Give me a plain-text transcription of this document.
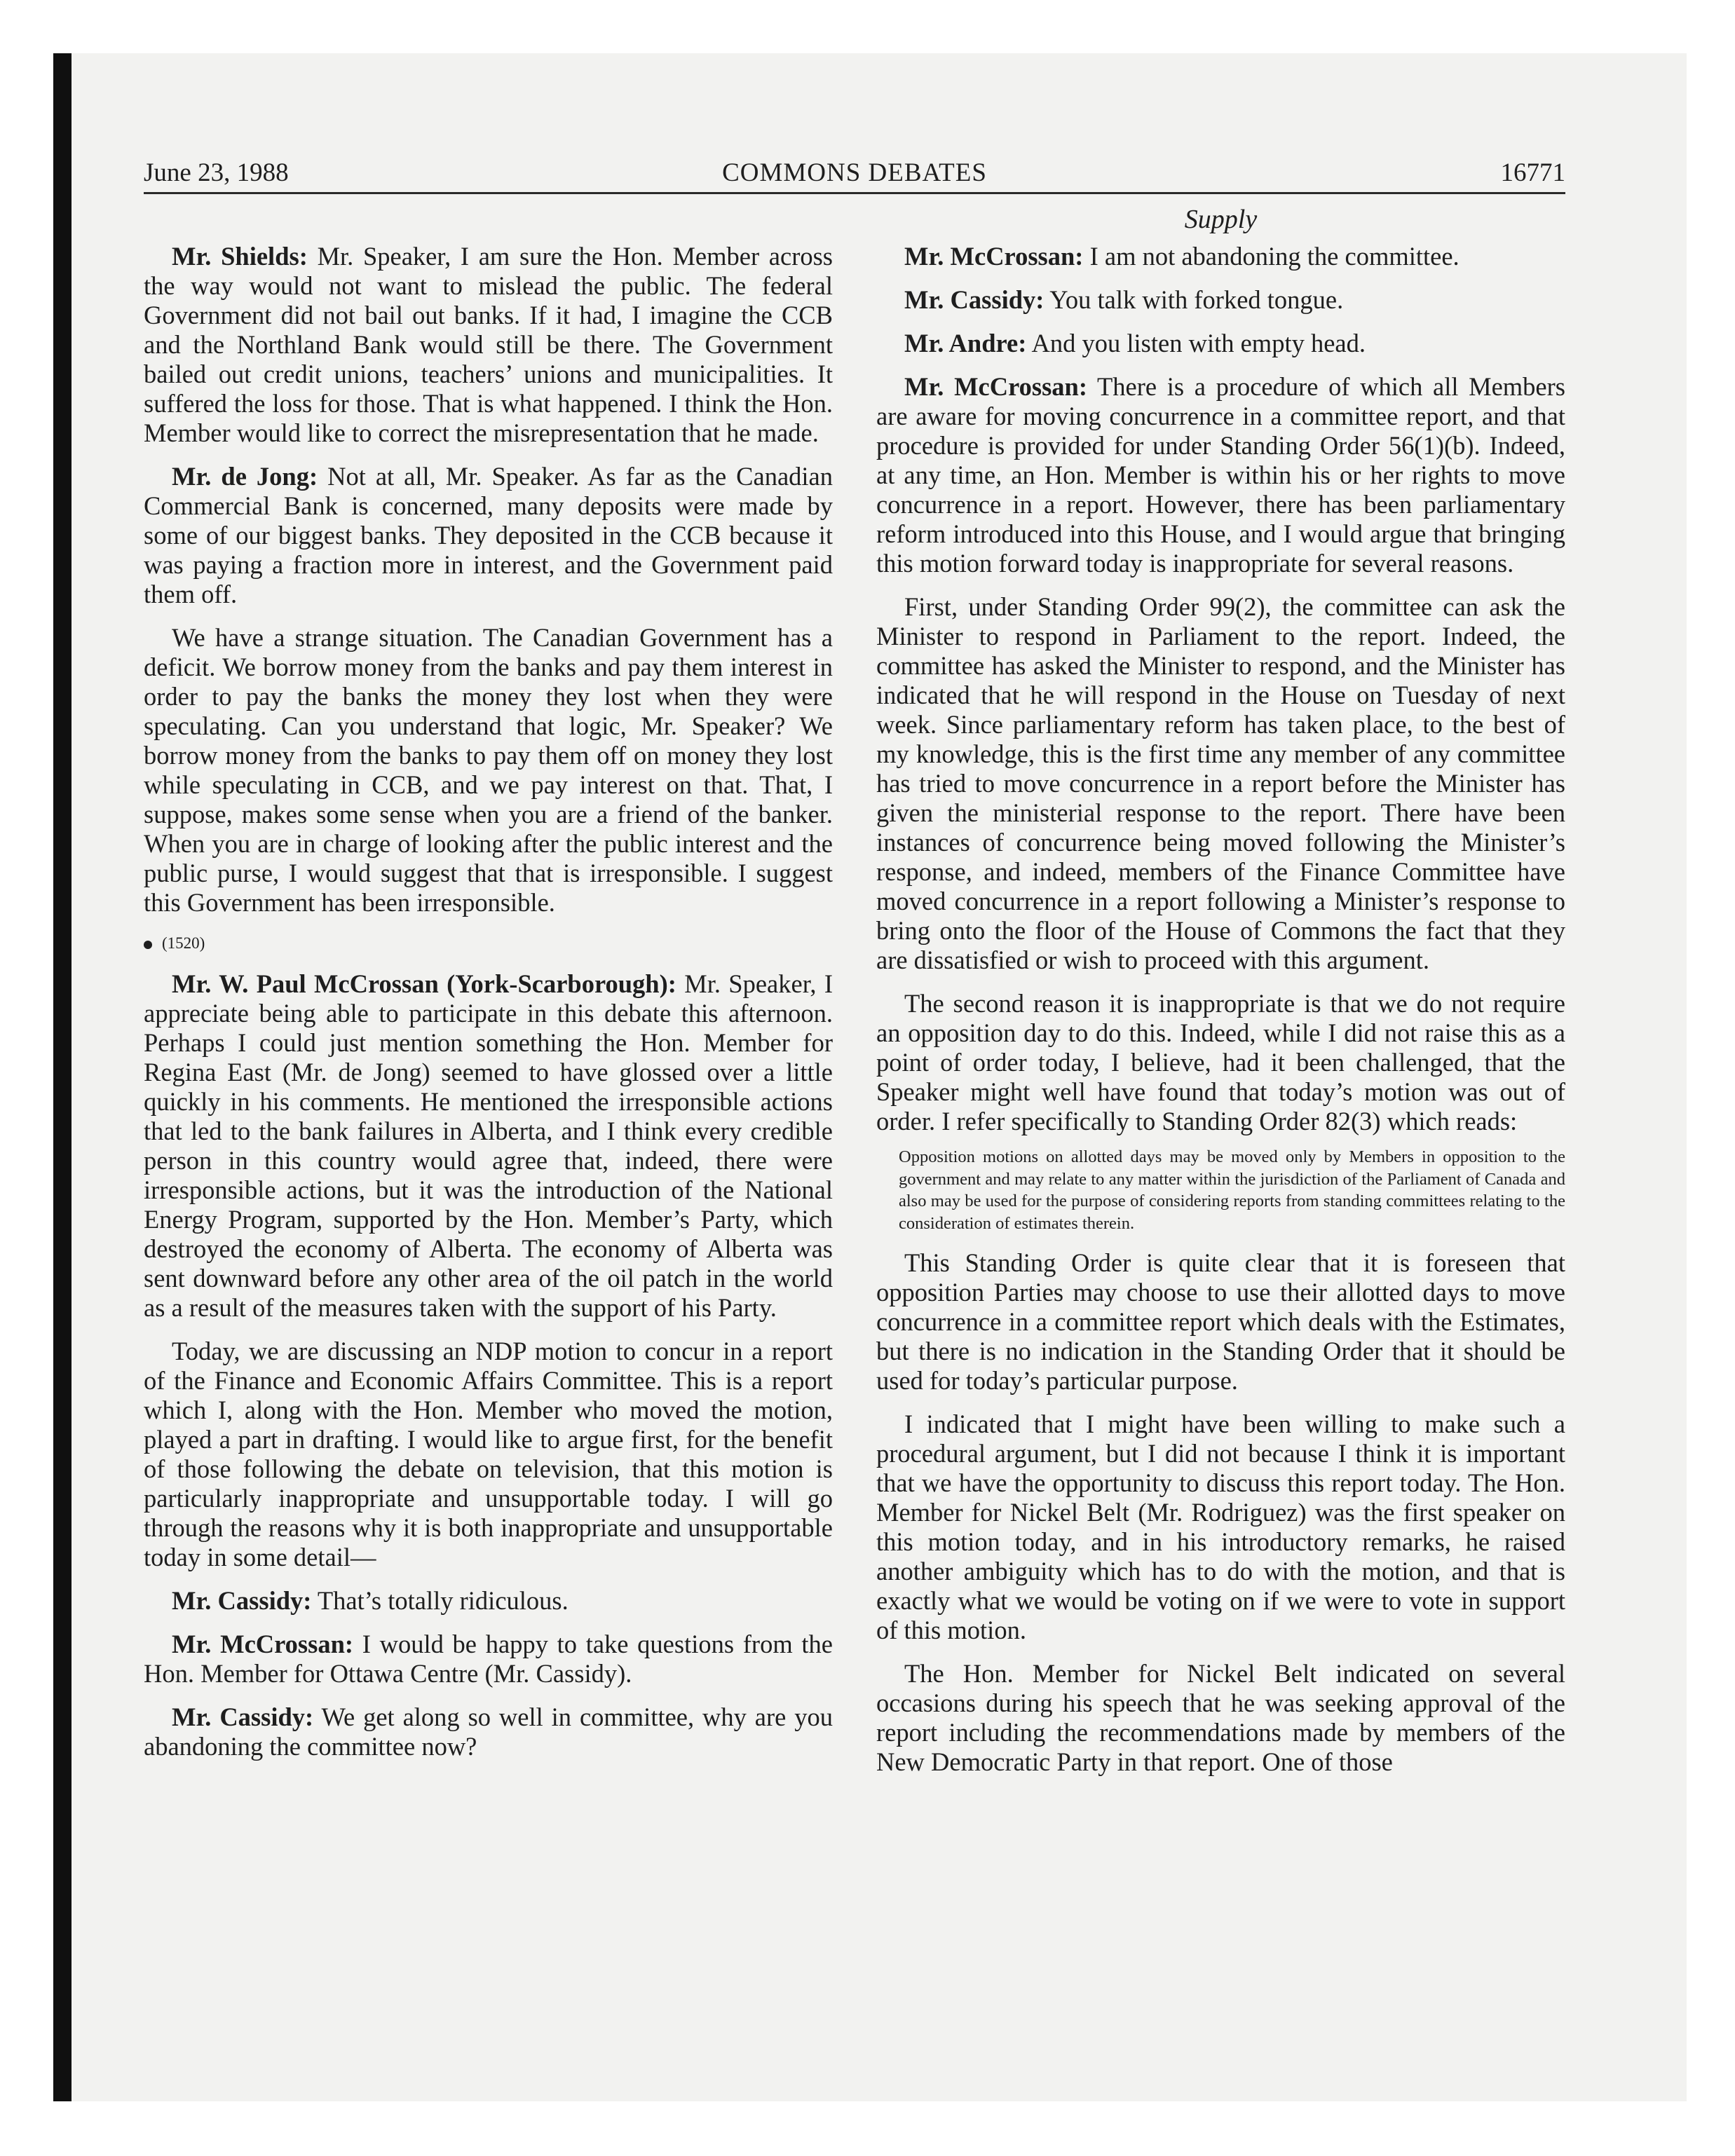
June 23, 1988	COMMONS DEBATES	16771
Supply

Mr. Shields: Mr. Speaker, I am sure the Hon. Member across the way would not want to mislead the public. The federal Government did not bail out banks. If it had, I imagine the CCB and the Northland Bank would still be there. The Government bailed out credit unions, teachers’ unions and municipalities. It suffered the loss for those. That is what happened. I think the Hon. Member would like to correct the misrepresentation that he made.

Mr. de Jong: Not at all, Mr. Speaker. As far as the Canadian Commercial Bank is concerned, many deposits were made by some of our biggest banks. They deposited in the CCB because it was paying a fraction more in interest, and the Government paid them off.

We have a strange situation. The Canadian Government has a deficit. We borrow money from the banks and pay them interest in order to pay the banks the money they lost when they were speculating. Can you understand that logic, Mr. Speaker? We borrow money from the banks to pay them off on money they lost while speculating in CCB, and we pay interest on that. That, I suppose, makes some sense when you are a friend of the banker. When you are in charge of looking after the public interest and the public purse, I would suggest that that is irresponsible. I suggest this Government has been irresponsible.

(1520)

Mr. W. Paul McCrossan (York-Scarborough): Mr. Speaker, I appreciate being able to participate in this debate this afternoon. Perhaps I could just mention something the Hon. Member for Regina East (Mr. de Jong) seemed to have glossed over a little quickly in his comments. He mentioned the irresponsible actions that led to the bank failures in Alberta, and I think every credible person in this country would agree that, indeed, there were irresponsible actions, but it was the introduction of the National Energy Program, supported by the Hon. Member’s Party, which destroyed the economy of Alberta. The economy of Alberta was sent downward before any other area of the oil patch in the world as a result of the measures taken with the support of his Party.

Today, we are discussing an NDP motion to concur in a report of the Finance and Economic Affairs Committee. This is a report which I, along with the Hon. Member who moved the motion, played a part in drafting. I would like to argue first, for the benefit of those following the debate on television, that this motion is particularly inappropriate and unsupportable today. I will go through the reasons why it is both inappropriate and unsupportable today in some detail—

Mr. Cassidy: That’s totally ridiculous.

Mr. McCrossan: I would be happy to take questions from the Hon. Member for Ottawa Centre (Mr. Cassidy).

Mr. Cassidy: We get along so well in committee, why are you abandoning the committee now?

Mr. McCrossan: I am not abandoning the committee.

Mr. Cassidy: You talk with forked tongue.

Mr. Andre: And you listen with empty head.

Mr. McCrossan: There is a procedure of which all Members are aware for moving concurrence in a committee report, and that procedure is provided for under Standing Order 56(1)(b). Indeed, at any time, an Hon. Member is within his or her rights to move concurrence in a report. However, there has been parliamentary reform introduced into this House, and I would argue that bringing this motion forward today is inappropriate for several reasons.

First, under Standing Order 99(2), the committee can ask the Minister to respond in Parliament to the report. Indeed, the committee has asked the Minister to respond, and the Minister has indicated that he will respond in the House on Tuesday of next week. Since parliamentary reform has taken place, to the best of my knowledge, this is the first time any member of any committee has tried to move concurrence in a report before the Minister has given the ministerial response to the report. There have been instances of concurrence being moved following the Minister’s response, and indeed, members of the Finance Committee have moved concurrence in a report following a Minister’s response to bring onto the floor of the House of Commons the fact that they are dissatisfied or wish to proceed with this argument.

The second reason it is inappropriate is that we do not require an opposition day to do this. Indeed, while I did not raise this as a point of order today, I believe, had it been challenged, that the Speaker might well have found that today’s motion was out of order. I refer specifically to Standing Order 82(3) which reads:

Opposition motions on allotted days may be moved only by Members in opposition to the government and may relate to any matter within the jurisdiction of the Parliament of Canada and also may be used for the purpose of considering reports from standing committees relating to the consideration of estimates therein.

This Standing Order is quite clear that it is foreseen that opposition Parties may choose to use their allotted days to move concurrence in a committee report which deals with the Estimates, but there is no indication in the Standing Order that it should be used for today’s particular purpose.

I indicated that I might have been willing to make such a procedural argument, but I did not because I think it is important that we have the opportunity to discuss this report today. The Hon. Member for Nickel Belt (Mr. Rodriguez) was the first speaker on this motion today, and in his introductory remarks, he raised another ambiguity which has to do with the motion, and that is exactly what we would be voting on if we were to vote in support of this motion.

The Hon. Member for Nickel Belt indicated on several occasions during his speech that he was seeking approval of the report including the recommendations made by members of the New Democratic Party in that report. One of those
